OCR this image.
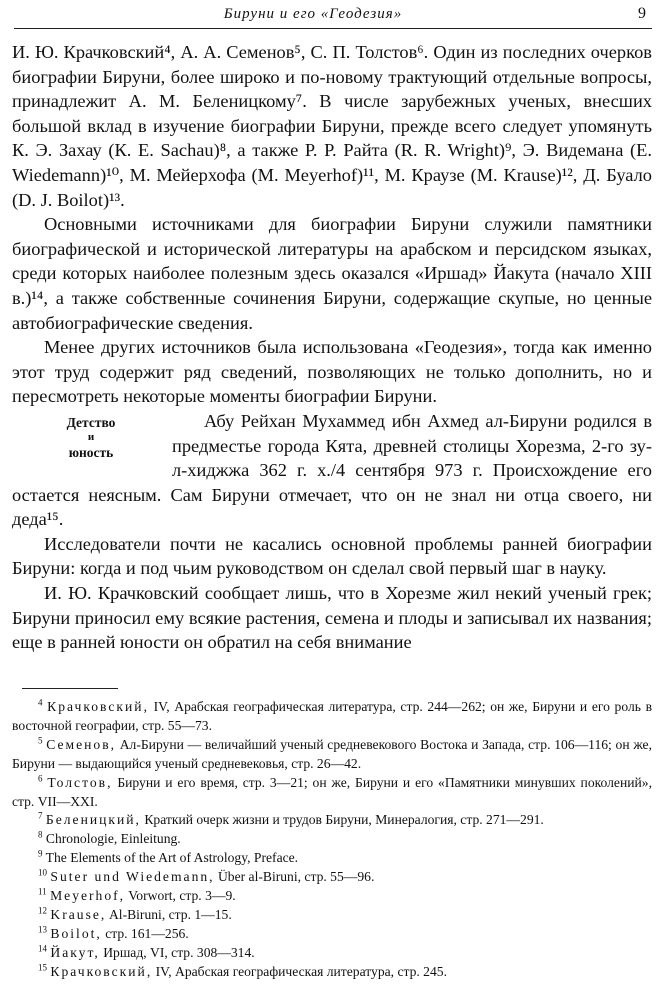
Бируни и его «Геодезия»	9

И. Ю. Крачковский⁴, А. А. Семенов⁵, С. П. Толстов⁶. Один из последних очерков биографии Бируни, более широко и по-новому трактующий отдельные вопросы, принадлежит А. М. Беленицкому⁷. В числе зарубежных ученых, внесших большой вклад в изучение биографии Бируни, прежде всего следует упомянуть К. Э. Захау (К. E. Sachau)⁸, а также Р. Р. Райта (R. R. Wright)⁹, Э. Видемана (E. Wiedemann)¹⁰, М. Мейерхофа (M. Meyerhof)¹¹, М. Краузе (M. Krause)¹², Д. Буало (D. J. Boilot)¹³.

Основными источниками для биографии Бируни служили памятники биографической и исторической литературы на арабском и персидском языках, среди которых наиболее полезным здесь оказался «Иршад» Йакута (начало XIII в.)¹⁴, а также собственные сочинения Бируни, содержащие скупые, но ценные автобиографические сведения.

Менее других источников была использована «Геодезия», тогда как именно этот труд содержит ряд сведений, позволяющих не только дополнить, но и пересмотреть некоторые моменты биографии Бируни.

Детство
и
юность

Абу Рейхан Мухаммед ибн Ахмед ал-Бируни родился в предместье города Кята, древней столицы Хорезма, 2-го зу-л-хиджжа 362 г. х./4 сентября 973 г. Происхождение его остается неясным. Сам Бируни отмечает, что он не знал ни отца своего, ни деда¹⁵.

Исследователи почти не касались основной проблемы ранней биографии Бируни: когда и под чьим руководством он сделал свой первый шаг в науку.

И. Ю. Крачковский сообщает лишь, что в Хорезме жил некий ученый грек; Бируни приносил ему всякие растения, семена и плоды и записывал их названия; еще в ранней юности он обратил на себя внимание

$^4$ Крачковский, IV, Арабская географическая литература, стр. 244—262; он же, Бируни и его роль в восточной географии, стр. 55—73.

$^5$ Семенов, Ал-Бируни — величайший ученый средневекового Востока и Запада, стр. 106—116; он же, Бируни — выдающийся ученый средневековья, стр. 26—42.

$^6$ Толстов, Бируни и его время, стр. 3—21; он же, Бируни и его «Памятники минувших поколений», стр. VII—XXI.

$^7$ Беленицкий, Краткий очерк жизни и трудов Бируни, Минералогия, стр. 271—291.

$^8$ Chronologie, Einleitung.

$^9$ The Elements of the Art of Astrology, Preface.

$^{10}$ Suter und Wiedemann, Über al-Biruni, стр. 55—96.

$^{11}$ Meyerhof, Vorwort, стр. 3—9.

$^{12}$ Krause, Al-Biruni, стр. 1—15.

$^{13}$ Boilot, стр. 161—256.

$^{14}$ Йакут, Иршад, VI, стр. 308—314.

$^{15}$ Крачковский, IV, Арабская географическая литература, стр. 245.
